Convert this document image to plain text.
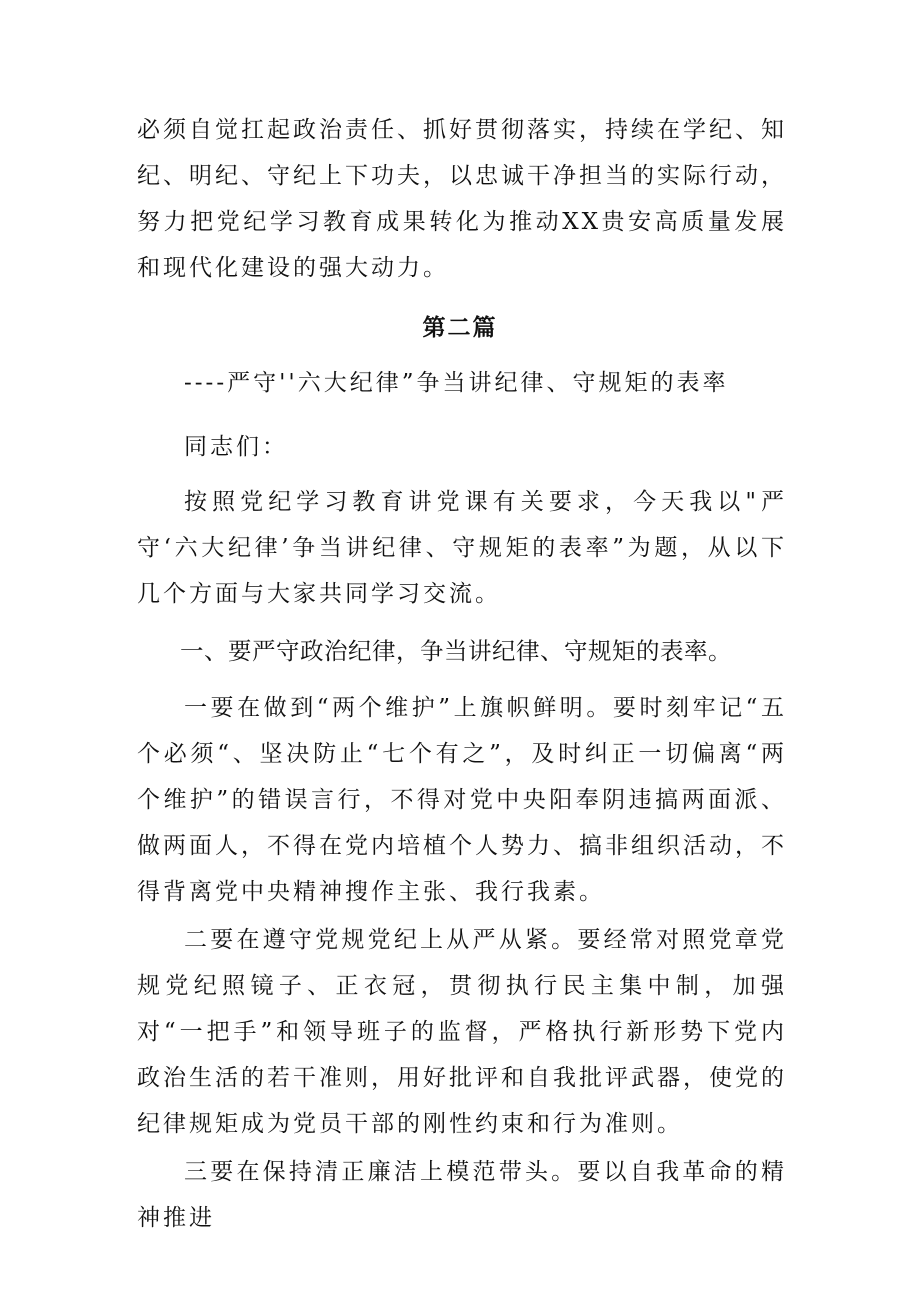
必须自觉扛起政治责任、抓好贯彻落实，持续在学纪、知纪、明纪、守纪上下功夫，以忠诚干净担当的实际行动，努力把党纪学习教育成果转化为推动XX贵安高质量发展和现代化建设的强大动力。

第二篇

----严守''六大纪律”争当讲纪律、守规矩的表率

同志们：

按照党纪学习教育讲党课有关要求，今天我以"严守‘六大纪律’争当讲纪律、守规矩的表率”为题，从以下几个方面与大家共同学习交流。

一、要严守政治纪律，争当讲纪律、守规矩的表率。

一要在做到“两个维护”上旗帜鲜明。要时刻牢记“五个必须“、坚决防止“七个有之”，及时纠正一切偏离“两个维护”的错误言行，不得对党中央阳奉阴违搞两面派、做两面人，不得在党内培植个人势力、搞非组织活动，不得背离党中央精神搜作主张、我行我素。

二要在遵守党规党纪上从严从紧。要经常对照党章党规党纪照镜子、正衣冠，贯彻执行民主集中制，加强对“一把手”和领导班子的监督，严格执行新形势下党内政治生活的若干准则，用好批评和自我批评武器，使党的纪律规矩成为党员干部的刚性约束和行为准则。

三要在保持清正廉洁上模范带头。要以自我革命的精神推进
